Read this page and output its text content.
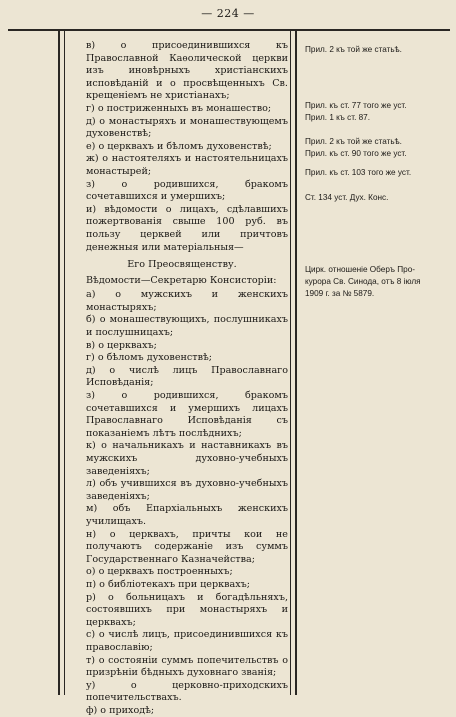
— 224 —
в) о присоединившихся къ Православной Каѳолической церкви изъ иновѣрныхъ христіанскихъ исповѣданій и о просвѣщенныхъ Св. крещеніемъ не христіанахъ;
г) о постриженныхъ въ монашество;
д) о монастыряхъ и монашествующемъ духовенствѣ;
е) о церквахъ и бѣломъ духовенствѣ;
ж) о настоятеляхъ и настоятельницахъ монастырей;
з) о родившихся, бракомъ сочетавшихся и умершихъ;
и) вѣдомости о лицахъ, сдѣлавшихъ пожертвованія свыше 100 руб. въ пользу церквей или причтовъ денежныя или матеріальныя—
Его Преосвященству.
Вѣдомости—Секретарю Консисторіи:
а) о мужскихъ и женскихъ монастыряхъ;
б) о монашествующихъ, послушникахъ и послушницахъ;
в) о церквахъ;
г) о бѣломъ духовенствѣ;
д) о числѣ лицъ Православнаго Исповѣданія;
з) о родившихся, бракомъ сочетавшихся и умершихъ лицахъ Православнаго Исповѣданія съ показаніемъ лѣтъ послѣднихъ;
к) о начальникахъ и наставникахъ въ мужскихъ духовно-учебныхъ заведеніяхъ;
л) объ учившихся въ духовно-учебныхъ заведеніяхъ;
м) объ Епархіальныхъ женскихъ училищахъ.
н) о церквахъ, причты кои не получаютъ содержаніе изъ суммъ Государственнаго Казначейства;
о) о церквахъ построенныхъ;
п) о библіотекахъ при церквахъ;
р) о больницахъ и богадѣльняхъ, состоявшихъ при монастыряхъ и церквахъ;
с) о числѣ лицъ, присоединившихся къ православію;
т) о состояніи суммъ попечительствъ о призрѣніи бѣдныхъ духовнаго званія;
у) о церковно-приходскихъ попечительствахъ.
ф) о приходѣ;
Прил. 2 къ той же статьѣ.
Прил. къ ст. 77 того же уст.
Прил. 1 къ ст. 87.
Прил. 2 къ той же статьѣ.
Прил. къ ст. 90 того же уст.
Прил. къ ст. 103 того же уст.
Ст. 134 уст. Дух. Конс.
Цирк. отношеніе Оберъ Про-
курора Св. Синода, отъ 8 іюля
1909 г. за № 5879.
